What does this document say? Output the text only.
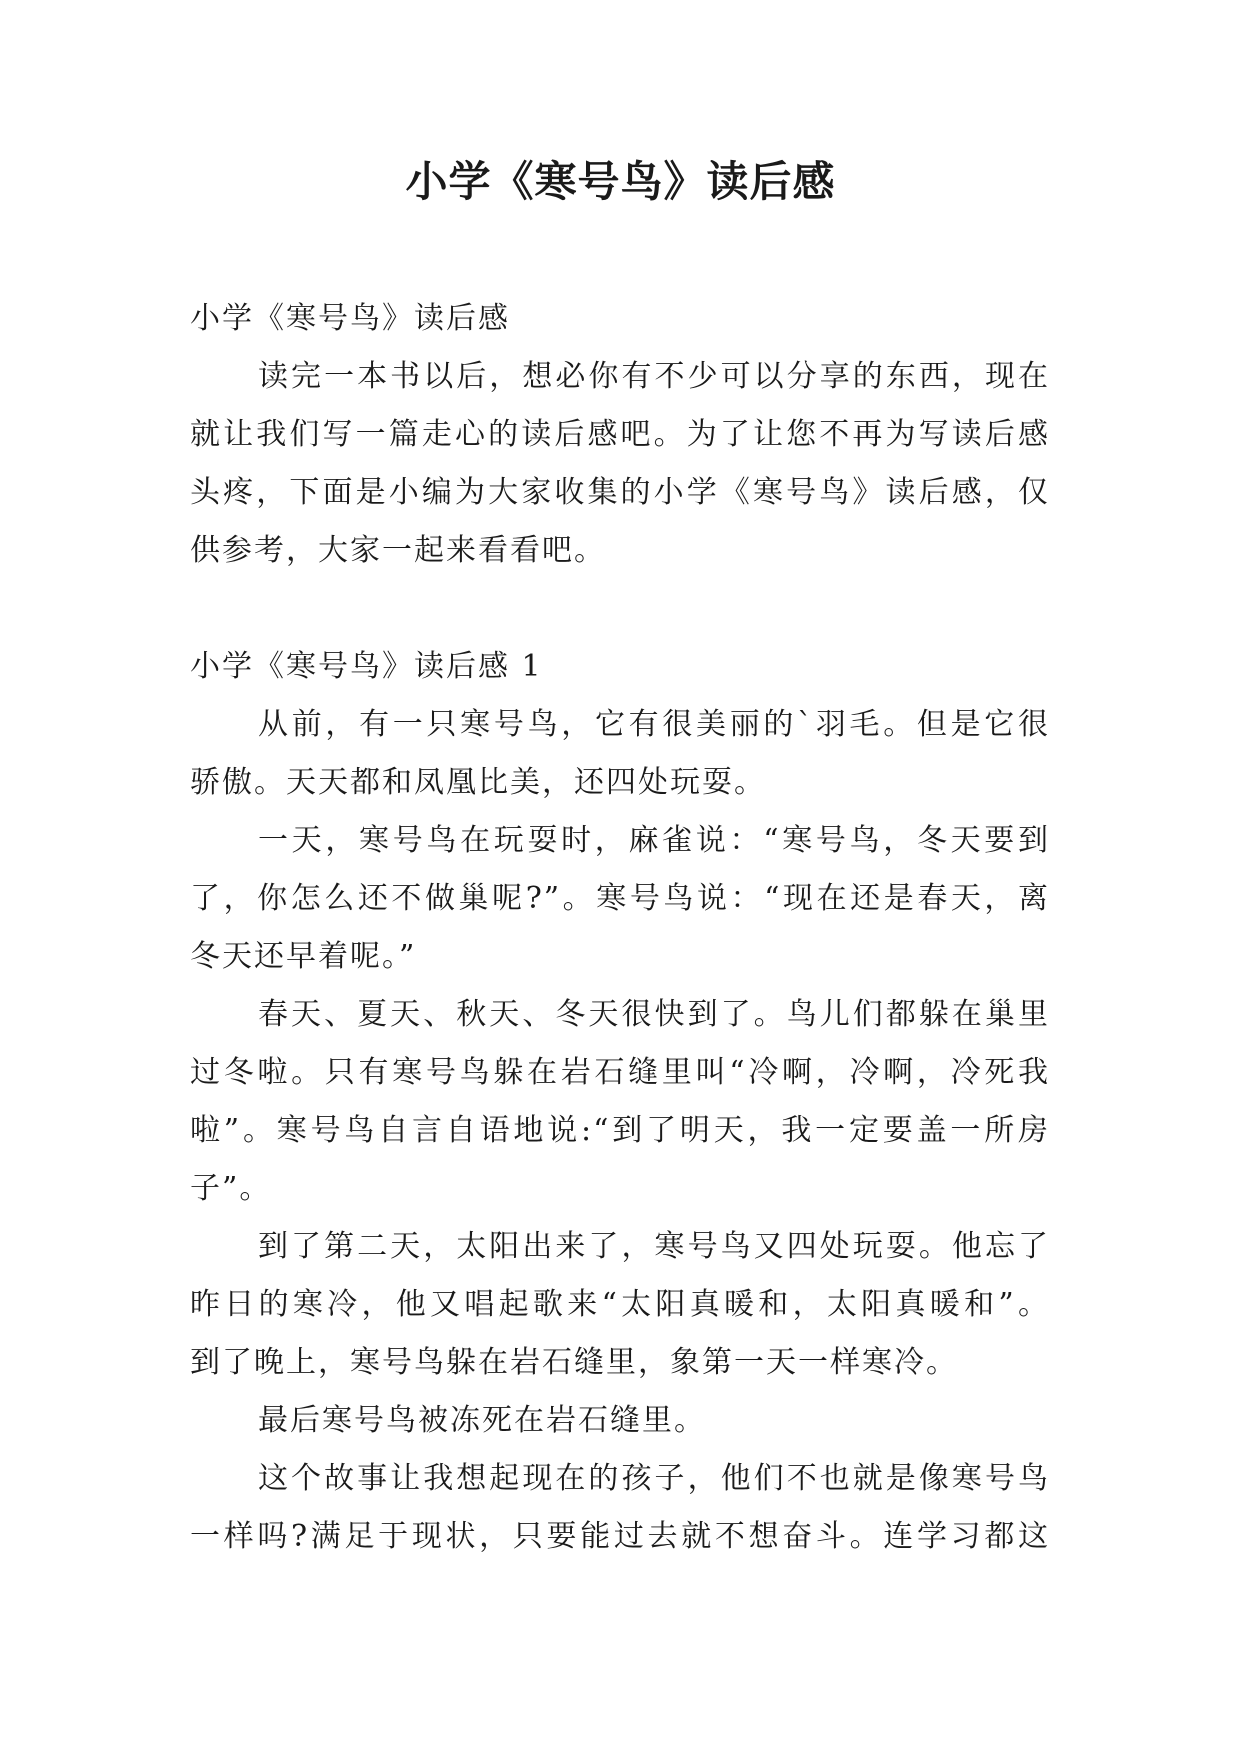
小学《寒号鸟》读后感

小学《寒号鸟》读后感

读完一本书以后，想必你有不少可以分享的东西，现在

就让我们写一篇走心的读后感吧。为了让您不再为写读后感

头疼，下面是小编为大家收集的小学《寒号鸟》读后感，仅

供参考，大家一起来看看吧。

小学《寒号鸟》读后感 1

从前，有一只寒号鸟，它有很美丽的`羽毛。但是它很

骄傲。天天都和凤凰比美，还四处玩耍。

一天，寒号鸟在玩耍时，麻雀说：“寒号鸟，冬天要到

了，你怎么还不做巢呢?”。寒号鸟说：“现在还是春天，离

冬天还早着呢。”

春天、夏天、秋天、冬天很快到了。鸟儿们都躲在巢里

过冬啦。只有寒号鸟躲在岩石缝里叫“冷啊，冷啊，冷死我

啦”。寒号鸟自言自语地说:“到了明天，我一定要盖一所房

子”。

到了第二天，太阳出来了，寒号鸟又四处玩耍。他忘了

昨日的寒冷，他又唱起歌来“太阳真暖和，太阳真暖和”。

到了晚上，寒号鸟躲在岩石缝里，象第一天一样寒冷。

最后寒号鸟被冻死在岩石缝里。

这个故事让我想起现在的孩子，他们不也就是像寒号鸟

一样吗?满足于现状，只要能过去就不想奋斗。连学习都这
